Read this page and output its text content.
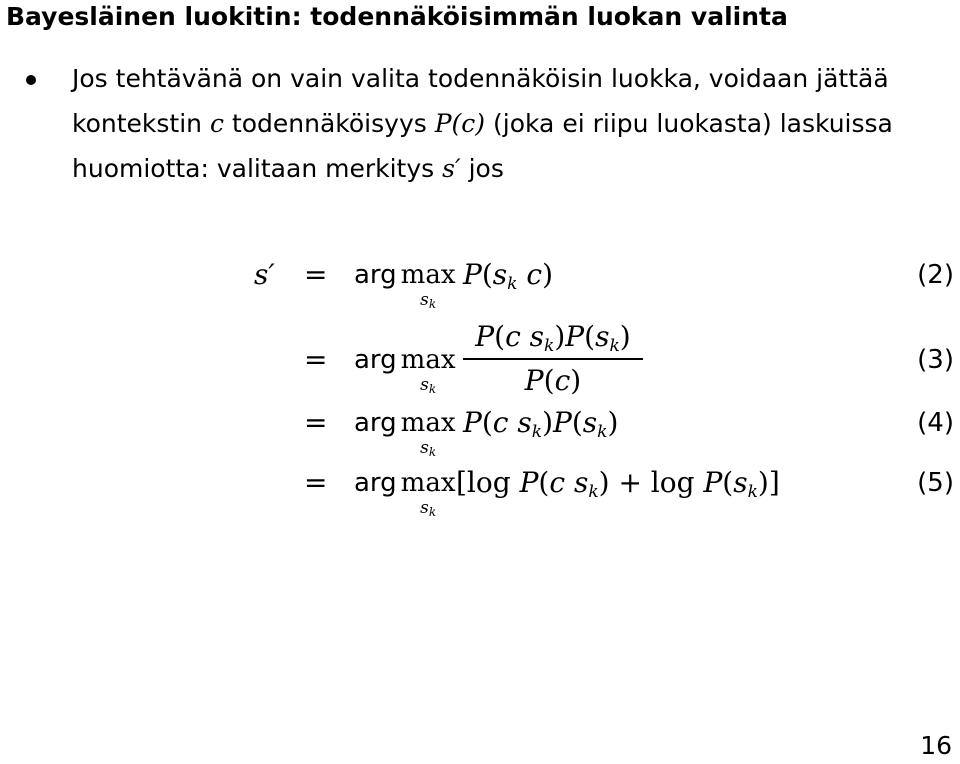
Bayesläinen luokitin: todennäköisimmän luokan valinta
Jos tehtävänä on vain valita todennäköisin luokka, voidaan jättää
kontekstin c todennäköisyys P(c) (joka ei riipu luokasta) laskuissa
huomiotta: valitaan merkitys s′ jos
s′ = arg max
sk
$P(s_k$ c)	(2)
= arg max
sk
P(c $s_k)P(s_k)$
P(c)
(3)
= arg max
sk
P(c $s_k)P(s_k)$	(4)
= arg max
sk
[log P(c $s_k) + \log P(s_k)$]	(5)
16
